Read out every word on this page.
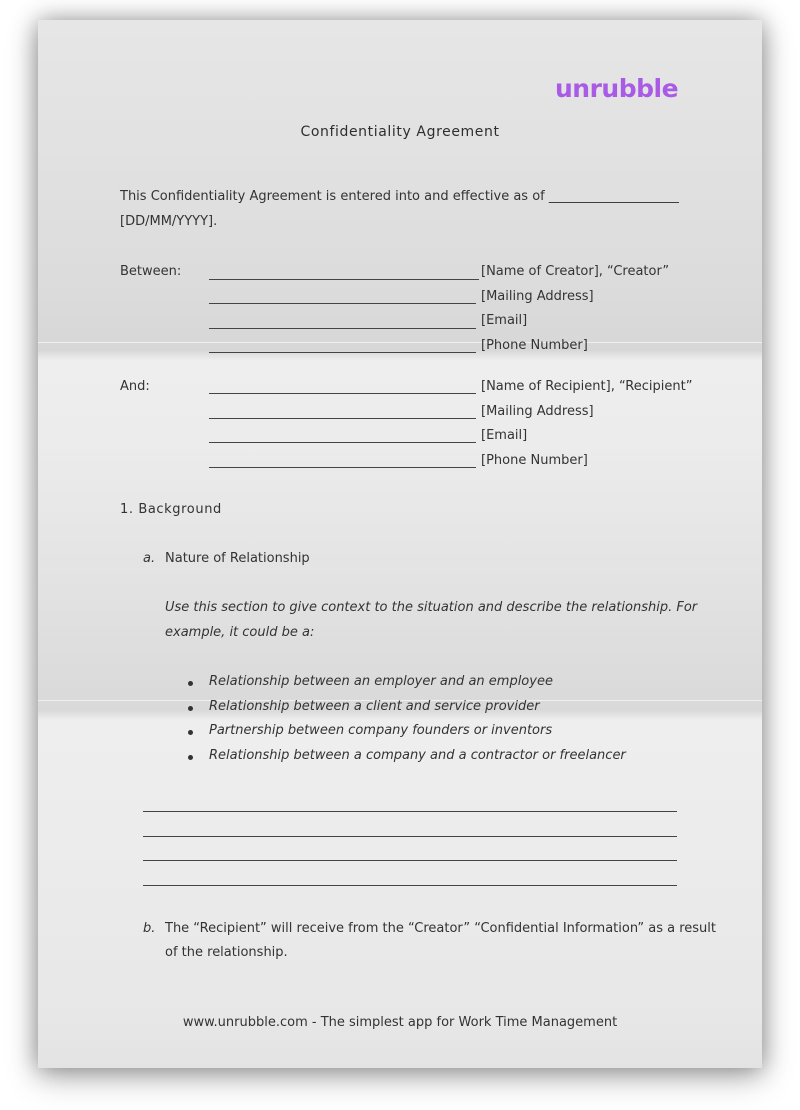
unrubble
Confidentiality Agreement
This Confidentiality Agreement is entered into and effective as of ____________________
[DD/MM/YYYY].
Between:	[Name of Creator], “Creator”
[Mailing Address]
[Email]
[Phone Number]
And:	[Name of Recipient], “Recipient”
[Mailing Address]
[Email]
[Phone Number]
1. Background
a. Nature of Relationship
Use this section to give context to the situation and describe the relationship. For
example, it could be a:
Relationship between an employer and an employee
Relationship between a client and service provider
Partnership between company founders or inventors
Relationship between a company and a contractor or freelancer
b. The “Recipient” will receive from the “Creator” “Confidential Information” as a result
of the relationship.
www.unrubble.com - The simplest app for Work Time Management
